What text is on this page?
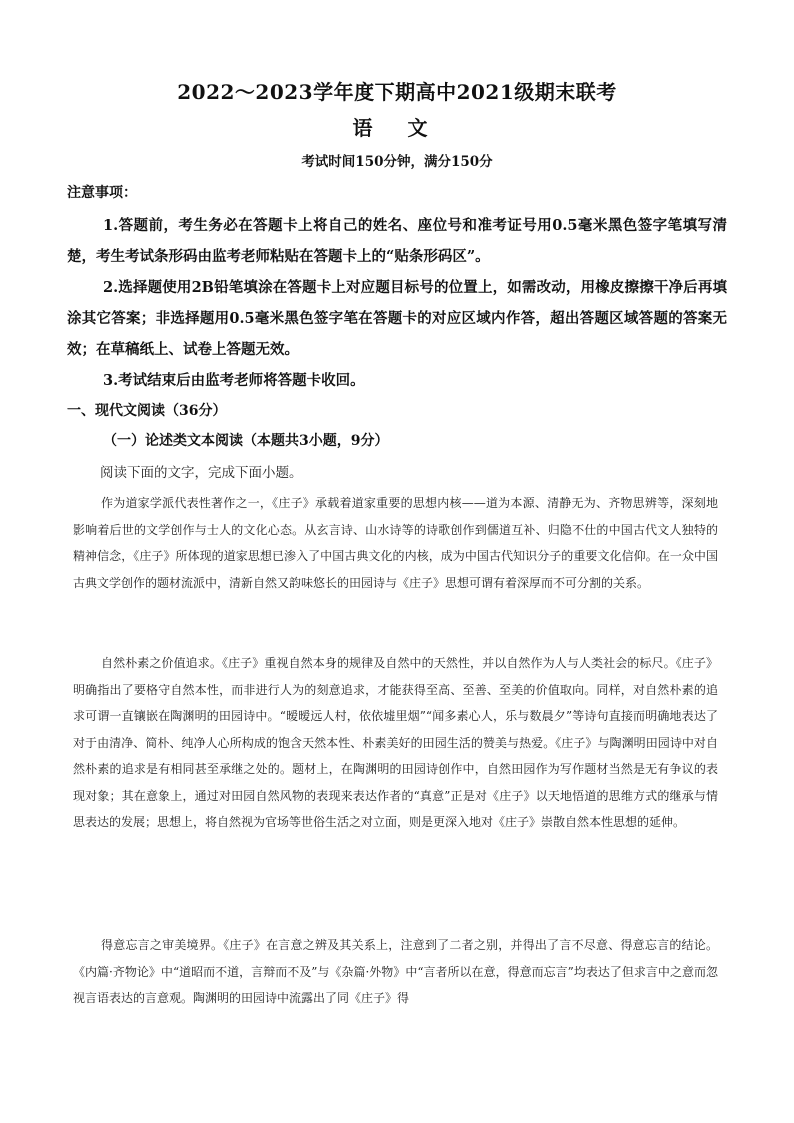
2022～2023学年度下期高中2021级期末联考
语 文
考试时间150分钟，满分150分
注意事项：

1.答题前，考生务必在答题卡上将自己的姓名、座位号和准考证号用0.5毫米黑色签字笔填写清楚，考生考试条形码由监考老师粘贴在答题卡上的“贴条形码区”。

2.选择题使用2B铅笔填涂在答题卡上对应题目标号的位置上，如需改动，用橡皮擦擦干净后再填涂其它答案；非选择题用0.5毫米黑色签字笔在答题卡的对应区域内作答，超出答题区域答题的答案无效；在草稿纸上、试卷上答题无效。

3.考试结束后由监考老师将答题卡收回。

一、现代文阅读（36分）
（一）论述类文本阅读（本题共3小题，9分）
阅读下面的文字，完成下面小题。

作为道家学派代表性著作之一，《庄子》承载着道家重要的思想内核——道为本源、清静无为、齐物思辨等，深刻地影响着后世的文学创作与士人的文化心态。从玄言诗、山水诗等的诗歌创作到儒道互补、归隐不仕的中国古代文人独特的精神信念，《庄子》所体现的道家思想已渗入了中国古典文化的内核，成为中国古代知识分子的重要文化信仰。在一众中国古典文学创作的题材流派中，清新自然又韵味悠长的田园诗与《庄子》思想可谓有着深厚而不可分割的关系。

自然朴素之价值追求。《庄子》重视自然本身的规律及自然中的天然性，并以自然作为人与人类社会的标尺。《庄子》明确指出了要格守自然本性，而非进行人为的刻意追求，才能获得至高、至善、至美的价值取向。同样，对自然朴素的追求可谓一直镶嵌在陶渊明的田园诗中。“暧暧远人村，依依墟里烟”“闻多素心人，乐与数晨夕”等诗句直接而明确地表达了对于由清净、简朴、纯净人心所构成的饱含天然本性、朴素美好的田园生活的赞美与热爱。《庄子》与陶渊明田园诗中对自然朴素的追求是有相同甚至承继之处的。题材上，在陶渊明的田园诗创作中，自然田园作为写作题材当然是无有争议的表现对象；其在意象上，通过对田园自然风物的表现来表达作者的“真意”正是对《庄子》以天地悟道的思维方式的继承与情思表达的发展；思想上，将自然视为官场等世俗生活之对立面，则是更深入地对《庄子》崇散自然本性思想的延伸。

得意忘言之审美境界。《庄子》在言意之辨及其关系上，注意到了二者之别，并得出了言不尽意、得意忘言的结论。《内篇·齐物论》中“道昭而不道，言辩而不及”与《杂篇·外物》中“言者所以在意，得意而忘言”均表达了但求言中之意而忽视言语表达的言意观。陶渊明的田园诗中流露出了同《庄子》得
